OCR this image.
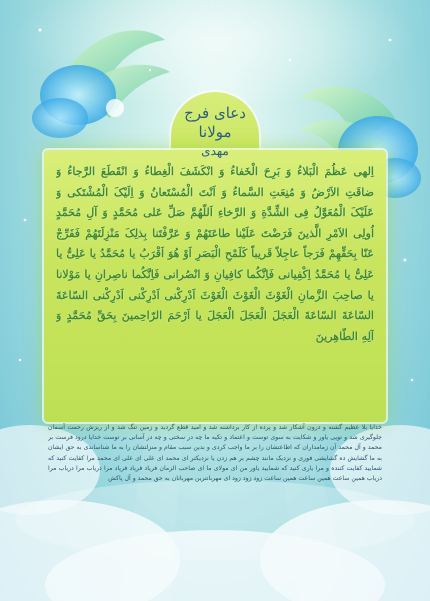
دعای فرج
مولانا
مهدی
اِلهی عَظُمَ الْبَلاءُ وَ بَرِحَ الْخَفاءُ وَ انْکَشَفَ الْغِطاءُ وَ انْقَطَعَ الرَّجاءُ وَ ضاقَتِ الاَرْضُ وَ مُنِعَتِ السَّماءُ وَ اَنْتَ الْمُسْتَعانُ وَ اِلَیْکَ الْمُشْتَکی وَ عَلَیْکَ الْمُعَوَّلُ فِی الشِّدَّةِ وَ الرَّخاءِ اَللّهُمَّ صَلِّ عَلی مُحَمَّدٍ وَ آلِ مُحَمَّدٍ اُولِی الاَمْرِ الَّذینَ فَرَضْتَ عَلَیْنا طاعَتَهُمْ وَ عَرَّفْتَنا بِذلِکَ مَنْزِلَتَهُمْ فَفَرِّجْ عَنّا بِحَقِّهِمْ فَرَجاً عاجِلاً قَریباً کَلَمْحِ الْبَصَرِ اَوْ هُوَ اَقْرَبُ یا مُحَمَّدُ یا عَلِیُّ یا عَلِیُّ یا مُحَمَّدُ اِکْفِیانی فَاِنَّکُما کافِیانِ وَ انْصُرانی فَاِنَّکُما ناصِرانِ یا مَوْلانا یا صاحِبَ الزَّمانِ الْغَوْثَ الْغَوْثَ الْغَوْثَ اَدْرِکْنی اَدْرِکْنی اَدْرِکْنی السّاعَةَ السّاعَةَ السّاعَةَ الْعَجَلَ الْعَجَلَ الْعَجَلَ یا اَرْحَمَ الرّاحِمینَ بِحَقِّ مُحَمَّدٍ وَ آلِهِ الطّاهِرینَ
خدایا بلا عظیم گشته و درون آشکار شد و پرده از کار برداشته شد و امید قطع گردید و زمین تنگ شد و از ریزش رحمت آسمان جلوگیری شد و تویی یاور و شکایت به سوی توست و اعتماد و تکیه ما چه در سختی و چه در آسانی بر توست خدایا درود فرست بر محمد و آل محمد آن زمامداران که اطاعتشان را بر ما واجب کردی و بدین سبب مقام و منزلتشان را به ما شناساندی به حق ایشان به ما گشایش ده گشایشی فوری و نزدیک مانند چشم بر هم زدن یا نزدیکتر ای محمد ای علی ای علی ای محمد مرا کفایت کنید که شمایید کفایت کننده و مرا یاری کنید که شمایید یاور من ای مولای ما ای صاحب الزمان فریاد فریاد فریاد مرا دریاب مرا دریاب مرا دریاب همین ساعت همین ساعت همین ساعت زود زود زود ای مهربانترین مهربانان به حق محمد و آل پاکش
